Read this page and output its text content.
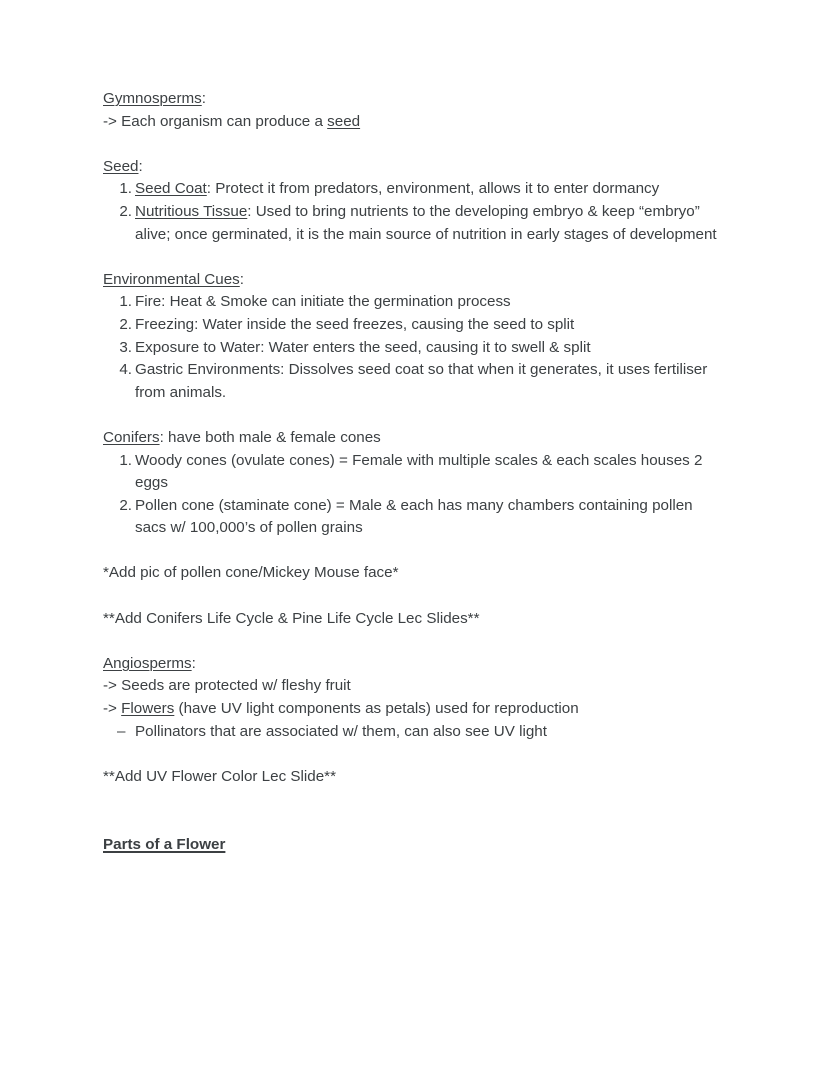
Gymnosperms:

-> Each organism can produce a seed

Seed:

Seed Coat: Protect it from predators, environment, allows it to enter dormancy
Nutritious Tissue: Used to bring nutrients to the developing embryo & keep “embryo” alive; once germinated, it is the main source of nutrition in early stages of development

Environmental Cues:

Fire: Heat & Smoke can initiate the germination process
Freezing: Water inside the seed freezes, causing the seed to split
Exposure to Water: Water enters the seed, causing it to swell & split
Gastric Environments: Dissolves seed coat so that when it generates, it uses fertiliser from animals.

Conifers: have both male & female cones

Woody cones (ovulate cones) = Female with multiple scales & each scales houses 2 eggs
Pollen cone (staminate cone) = Male & each has many chambers containing pollen sacs w/ 100,000’s of pollen grains

*Add pic of pollen cone/Mickey Mouse face*

**Add Conifers Life Cycle & Pine Life Cycle Lec Slides**

Angiosperms:

-> Seeds are protected w/ fleshy fruit

-> Flowers (have UV light components as petals) used for reproduction

– Pollinators that are associated w/ them, can also see UV light

**Add UV Flower Color Lec Slide**

Parts of a Flower
